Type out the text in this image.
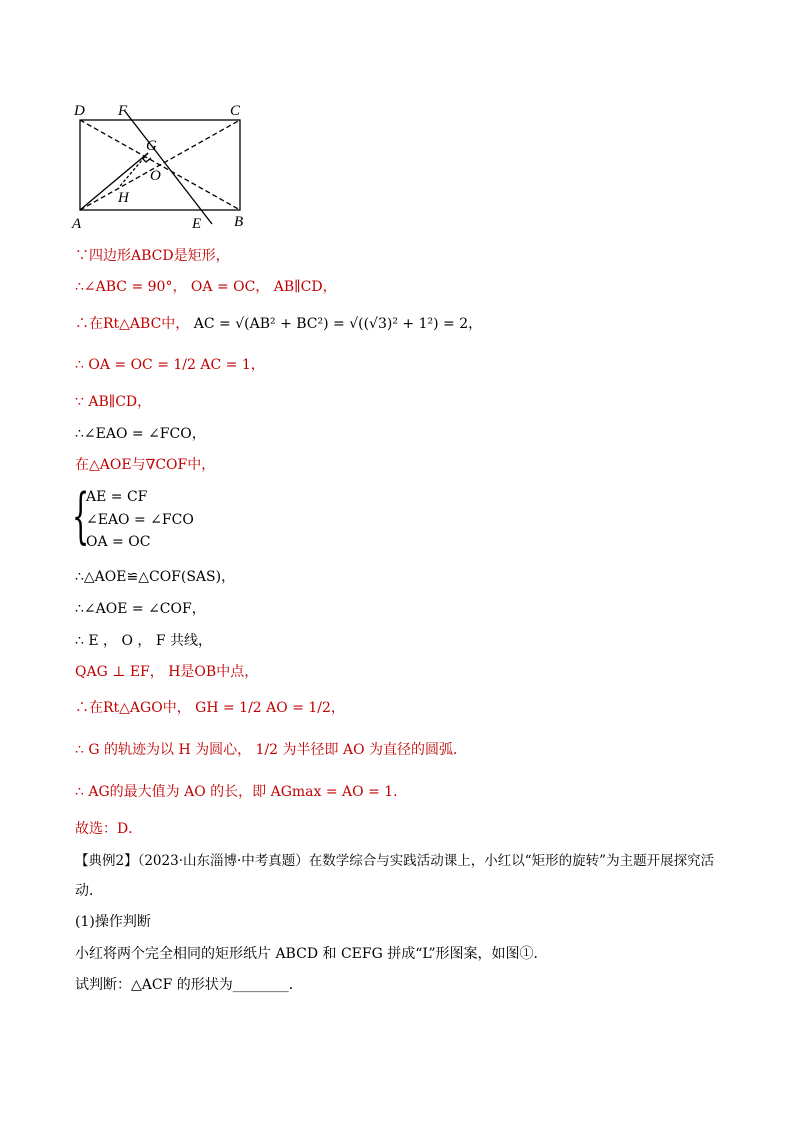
D F	C
G
O
H
A	E B
∵四边形ABCD是矩形，
∴∠ABC = 90°， OA = OC， AB∥CD，
∴在Rt△ABC中， AC = √(AB² + BC²) = √((√3)² + 1²) = 2，
∴ OA = OC = 1/2 AC = 1，
∵ AB∥CD，
∴∠EAO = ∠FCO，
在△AOE与∇COF中，
{
AE = CF
∠EAO = ∠FCO
OA = OC
∴△AOE≌△COF(SAS)，
∴∠AOE = ∠COF，
∴ E ， O ， F 共线，
QAG ⊥ EF， H是OB中点，
∴在Rt△AGO中， GH = 1/2 AO = 1/2，
∴ G 的轨迹为以 H 为圆心， 1/2 为半径即 AO 为直径的圆弧．
∴ AG的最大值为 AO 的长，即 AGmax = AO = 1．
故选：D．
【典例2】（2023·山东淄博·中考真题）在数学综合与实践活动课上，小红以“矩形的旋转”为主题开展探究活
动．
(1)操作判断
小红将两个完全相同的矩形纸片 ABCD 和 CEFG 拼成“L”形图案，如图①．
试判断：△ACF 的形状为________．
